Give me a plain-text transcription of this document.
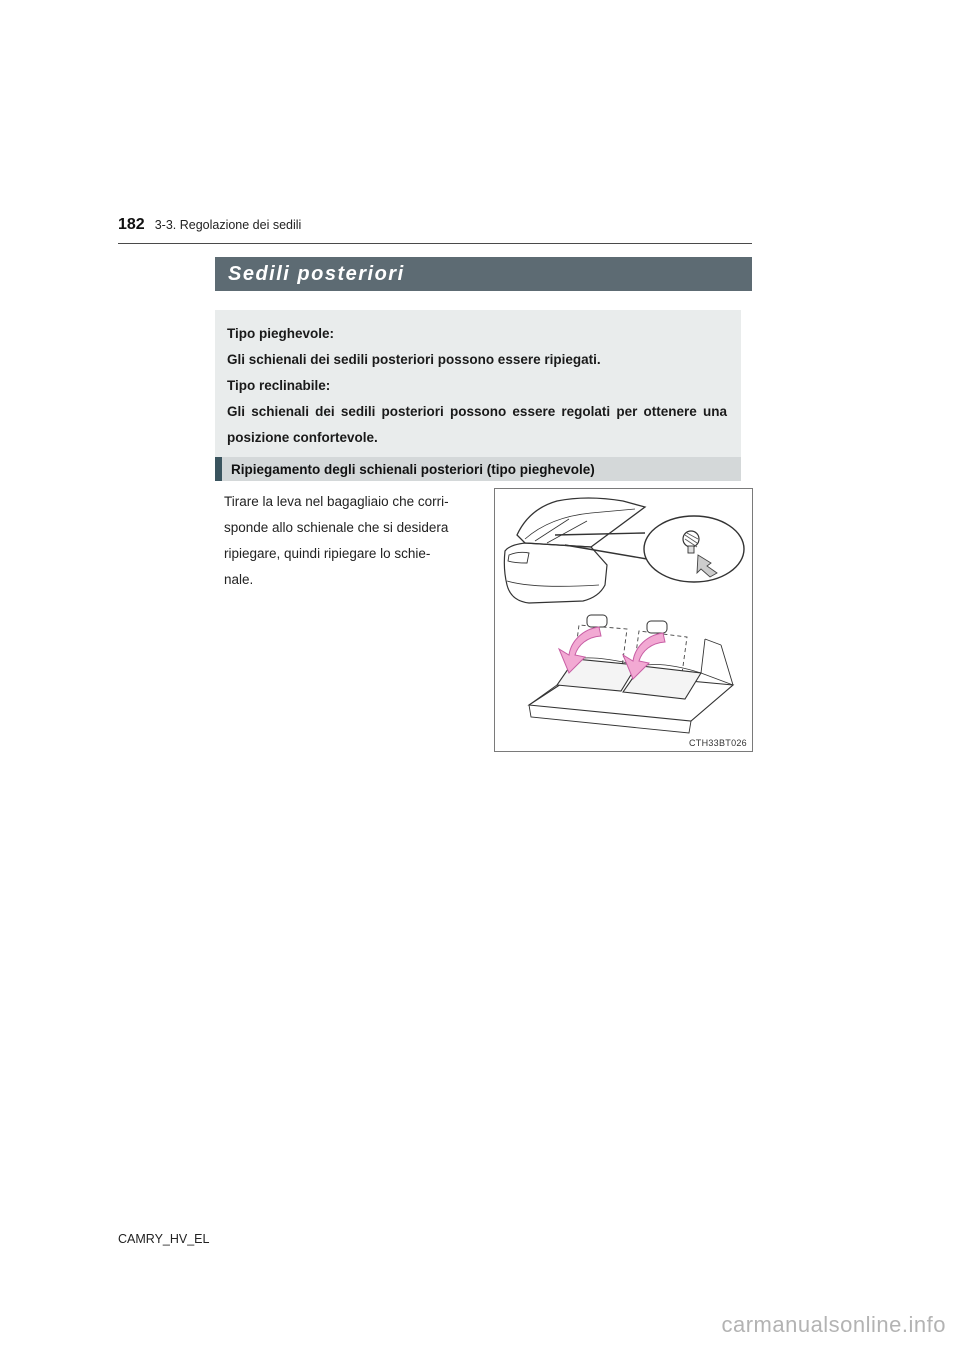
182 3-3. Regolazione dei sedili
Sedili posteriori

Tipo pieghevole:

Gli schienali dei sedili posteriori possono essere ripiegati.

Tipo reclinabile:

Gli schienali dei sedili posteriori possono essere regolati per ottenere una posizione confortevole.

Ripiegamento degli schienali posteriori (tipo pieghevole)
Tirare la leva nel bagagliaio che corri-
sponde allo schienale che si desidera
ripiegare, quindi ripiegare lo schie-
nale.
CTH33BT026
CAMRY_HV_EL
carmanualsonline.info
